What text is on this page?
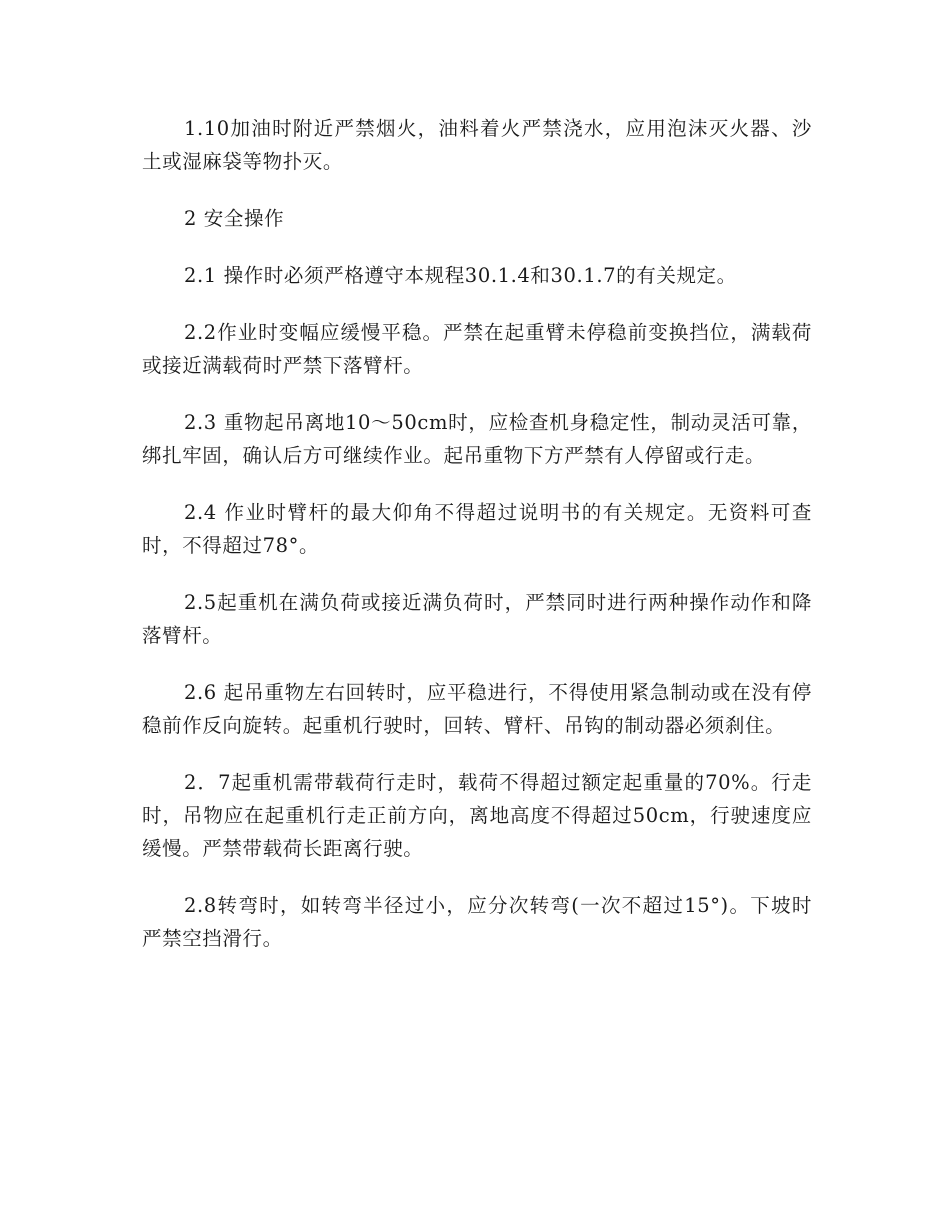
1.10加油时附近严禁烟火，油料着火严禁浇水，应用泡沫灭火器、沙土或湿麻袋等物扑灭。

2 安全操作

2.1 操作时必须严格遵守本规程30.1.4和30.1.7的有关规定。

2.2作业时变幅应缓慢平稳。严禁在起重臂未停稳前变换挡位，满载荷或接近满载荷时严禁下落臂杆。

2.3 重物起吊离地10～50cm时，应检查机身稳定性，制动灵活可靠，绑扎牢固，确认后方可继续作业。起吊重物下方严禁有人停留或行走。

2.4 作业时臂杆的最大仰角不得超过说明书的有关规定。无资料可查时，不得超过78°。

2.5起重机在满负荷或接近满负荷时，严禁同时进行两种操作动作和降落臂杆。

2.6 起吊重物左右回转时，应平稳进行，不得使用紧急制动或在没有停稳前作反向旋转。起重机行驶时，回转、臂杆、吊钩的制动器必须刹住。

2．7起重机需带载荷行走时，载荷不得超过额定起重量的70%。行走时，吊物应在起重机行走正前方向，离地高度不得超过50cm，行驶速度应缓慢。严禁带载荷长距离行驶。

2.8转弯时，如转弯半径过小，应分次转弯(一次不超过15°)。下坡时严禁空挡滑行。
